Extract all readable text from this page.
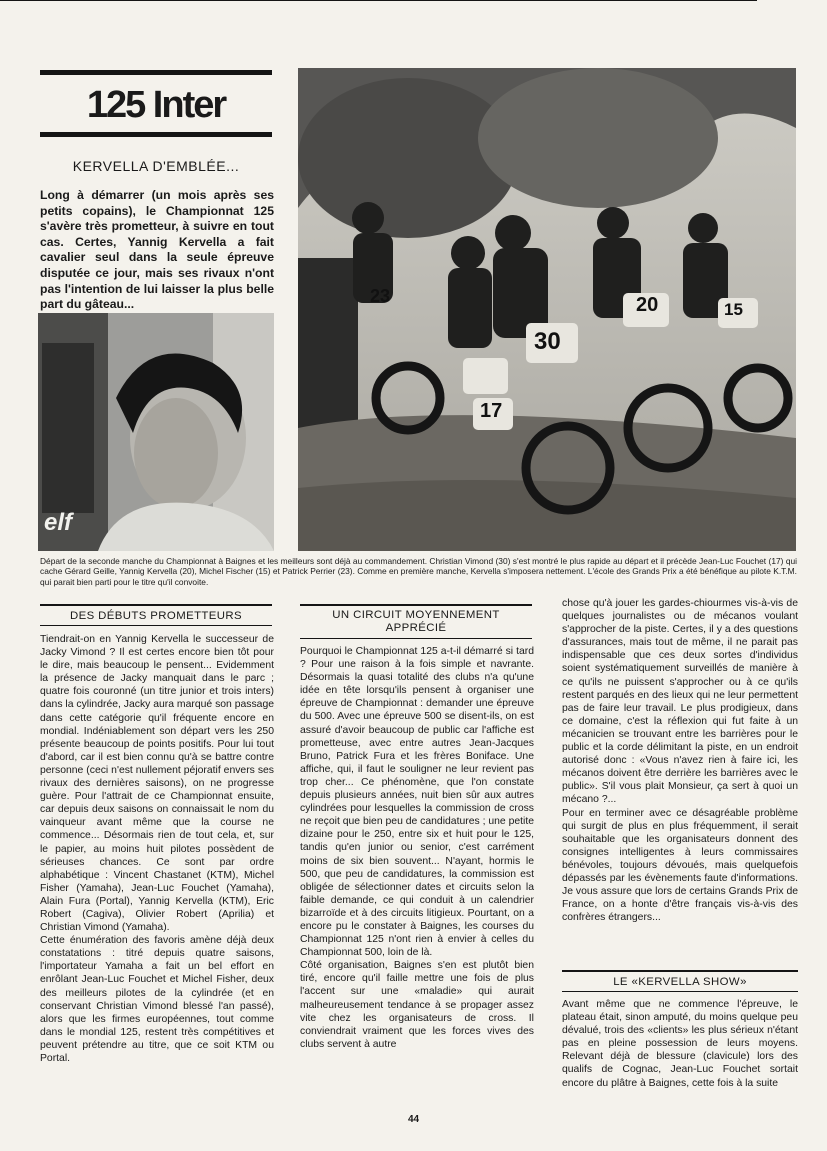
125 Inter
KERVELLA D'EMBLÉE...
Long à démarrer (un mois après ses petits copains), le Championnat 125 s'avère très prometteur, à suivre en tout cas. Certes, Yannig Kervella a fait cavalier seul dans la seule épreuve disputée ce jour, mais ses rivaux n'ont pas l'intention de lui laisser la plus belle part du gâteau...
elf
23	20
30
17
15
Départ de la seconde manche du Championnat à Baignes et les meilleurs sont déjà au commandement. Christian Vimond (30) s'est montré le plus rapide au départ et il précède Jean-Luc Fouchet (17) qui cache Gérard Geille, Yannig Kervella (20), Michel Fischer (15) et Patrick Perrier (23). Comme en première manche, Kervella s'imposera nettement. L'école des Grands Prix a été bénéfique au pilote K.T.M. qui parait bien parti pour le titre qu'il convoite.
DES DÉBUTS PROMETTEURS

Tiendrait-on en Yannig Kervella le successeur de Jacky Vimond ? Il est certes encore bien tôt pour le dire, mais beaucoup le pensent... Evidemment la présence de Jacky manquait dans le parc ; quatre fois couronné (un titre junior et trois inters) dans la cylindrée, Jacky aura marqué son passage dans cette catégorie qu'il fréquente encore en mondial. Indéniablement son départ vers les 250 présente beaucoup de points positifs. Pour lui tout d'abord, car il est bien connu qu'à se battre contre personne (ceci n'est nullement péjoratif envers ses rivaux des dernières saisons), on ne progresse guère. Pour l'attrait de ce Championnat ensuite, car depuis deux saisons on connaissait le nom du vainqueur avant même que la course ne commence... Désormais rien de tout cela, et, sur le papier, au moins huit pilotes possèdent de sérieuses chances. Ce sont par ordre alphabétique : Vincent Chastanet (KTM), Michel Fisher (Yamaha), Jean-Luc Fouchet (Yamaha), Alain Fura (Portal), Yannig Kervella (KTM), Eric Robert (Cagiva), Olivier Robert (Aprilia) et Christian Vimond (Yamaha).

Cette énumération des favoris amène déjà deux constatations : titré depuis quatre saisons, l'importateur Yamaha a fait un bel effort en enrôlant Jean-Luc Fouchet et Michel Fisher, deux des meilleurs pilotes de la cylindrée (et en conservant Christian Vimond blessé l'an passé), alors que les firmes européennes, tout comme dans le mondial 125, restent très compétitives et peuvent prétendre au titre, que ce soit KTM ou Portal.

UN CIRCUIT MOYENNEMENT
APPRÉCIÉ

Pourquoi le Championnat 125 a-t-il démarré si tard ? Pour une raison à la fois simple et navrante. Désormais la quasi totalité des clubs n'a qu'une idée en tête lorsqu'ils pensent à organiser une épreuve de Championnat : demander une épreuve du 500. Avec une épreuve 500 se disent-ils, on est assuré d'avoir beaucoup de public car l'affiche est prometteuse, avec entre autres Jean-Jacques Bruno, Patrick Fura et les frères Boniface. Une affiche, qui, il faut le souligner ne leur revient pas trop cher... Ce phénomène, que l'on constate depuis plusieurs années, nuit bien sûr aux autres cylindrées pour lesquelles la commission de cross ne reçoit que bien peu de candidatures ; une petite dizaine pour le 250, entre six et huit pour le 125, tandis qu'en junior ou senior, c'est carrément moins de six bien souvent... N'ayant, hormis le 500, que peu de candidatures, la commission est obligée de sélectionner dates et circuits selon la faible demande, ce qui conduit à un calendrier bizarroïde et à des circuits litigieux. Pourtant, on a encore pu le constater à Baignes, les courses du Championnat 125 n'ont rien à envier à celles du Championnat 500, loin de là.

Côté organisation, Baignes s'en est plutôt bien tiré, encore qu'il faille mettre une fois de plus l'accent sur une «maladie» qui aurait malheureusement tendance à se propager assez vite chez les organisateurs de cross. Il conviendrait vraiment que les forces vives des clubs servent à autre

chose qu'à jouer les gardes-chiourmes vis-à-vis de quelques journalistes ou de mécanos voulant s'approcher de la piste. Certes, il y a des questions d'assurances, mais tout de même, il ne parait pas indispensable que ces deux sortes d'individus soient systématiquement surveillés de manière à ce qu'ils ne puissent s'approcher ou à ce qu'ils restent parqués en des lieux qui ne leur permettent pas de faire leur travail. Le plus prodigieux, dans ce domaine, c'est la réflexion qui fut faite à un mécanicien se trouvant entre les barrières pour le public et la corde délimitant la piste, en un endroit autorisé donc : «Vous n'avez rien à faire ici, les mécanos doivent être derrière les barrières avec le public». S'il vous plait Monsieur, ça sert à quoi un mécano ?...

Pour en terminer avec ce désagréable problème qui surgit de plus en plus fréquemment, il serait souhaitable que les organisateurs donnent des consignes intelligentes à leurs commissaires bénévoles, toujours dévoués, mais quelquefois dépassés par les évènements faute d'informations. Je vous assure que lors de certains Grands Prix de France, on a honte d'être français vis-à-vis des confrères étrangers...

LE «KERVELLA SHOW»

Avant même que ne commence l'épreuve, le plateau était, sinon amputé, du moins quelque peu dévalué, trois des «clients» les plus sérieux n'étant pas en pleine possession de leurs moyens. Relevant déjà de blessure (clavicule) lors des qualifs de Cognac, Jean-Luc Fouchet sortait encore du plâtre à Baignes, cette fois à la suite

44
